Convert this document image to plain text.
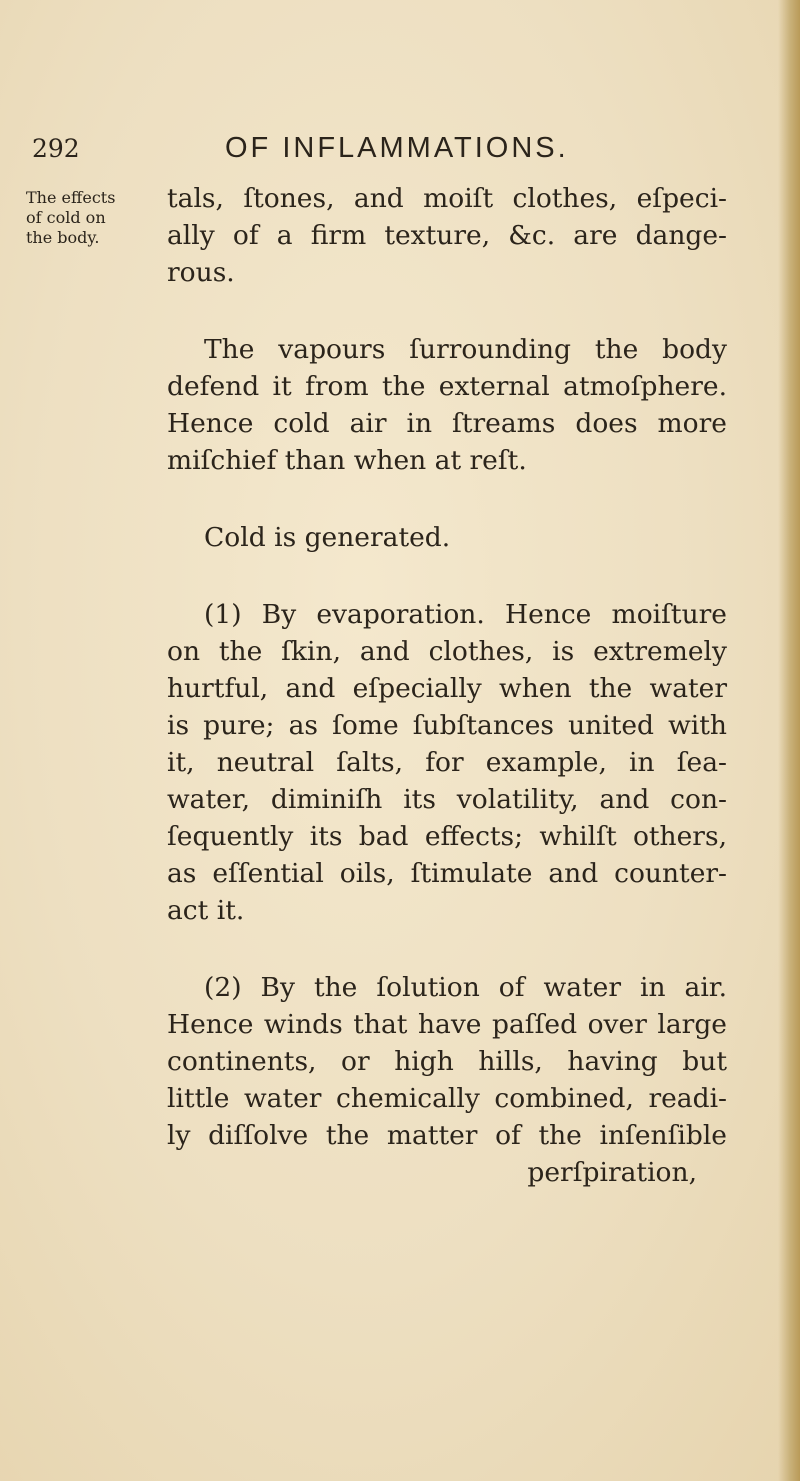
292	OF INFLAMMATIONS.
The effects
of cold on
the body.
tals, ſtones, and moiſt clothes, eſpeci-
ally of a firm texture, &c. are dange-
rous.
The vapours ſurrounding the body
defend it from the external atmoſphere.
Hence cold air in ſtreams does more
miſchief than when at reſt.
Cold is generated.
(1) By evaporation. Hence moiſture
on the ſkin, and clothes, is extremely
hurtful, and eſpecially when the water
is pure; as ſome ſubſtances united with
it, neutral ſalts, for example, in ſea-
water, diminiſh its volatility, and con-
ſequently its bad effects; whilſt others,
as eſſential oils, ſtimulate and counter-
act it.
(2) By the ſolution of water in air.
Hence winds that have paſſed over large
continents, or high hills, having but
little water chemically combined, readi-
ly diſſolve the matter of the inſenſible
perſpiration,
